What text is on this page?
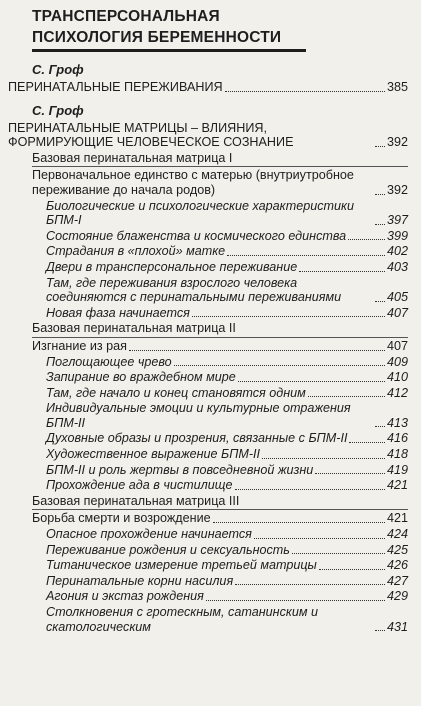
ТРАНСПЕРСОНАЛЬНАЯ
ПСИХОЛОГИЯ БЕРЕМЕННОСТИ
С. Гроф
ПЕРИНАТАЛЬНЫЕ ПЕРЕЖИВАНИЯ	385
С. Гроф
ПЕРИНАТАЛЬНЫЕ МАТРИЦЫ – ВЛИЯНИЯ, ФОРМИРУЮЩИЕ ЧЕЛОВЕЧЕСКОЕ СОЗНАНИЕ	392
Базовая перинатальная матрица I
Первоначальное единство с матерью (внутриутробное переживание до начала родов)	392
Биологические и психологические характеристики БПМ-I	397
Состояние блаженства и космического единства	399
Страдания в «плохой» матке	402
Двери в трансперсональное переживание	403
Там, где переживания взрослого человека соединяются с перинатальными переживаниями	405
Новая фаза начинается	407
Базовая перинатальная матрица II
Изгнание из рая	407
Поглощающее чрево	409
Запирание во враждебном мире	410
Там, где начало и конец становятся одним	412
Индивидуальные эмоции и культурные отражения БПМ-II	413
Духовные образы и прозрения, связанные с БПМ-II	416
Художественное выражение БПМ-II	418
БПМ-II и роль жертвы в повседневной жизни	419
Прохождение ада в чистилище	421
Базовая перинатальная матрица III
Борьба смерти и возрождение	421
Опасное прохождение начинается	424
Переживание рождения и сексуальность	425
Титаническое измерение третьей матрицы	426
Перинатальные корни насилия	427
Агония и экстаз рождения	429
Столкновения с гротескным, сатанинским и скатологическим	431
